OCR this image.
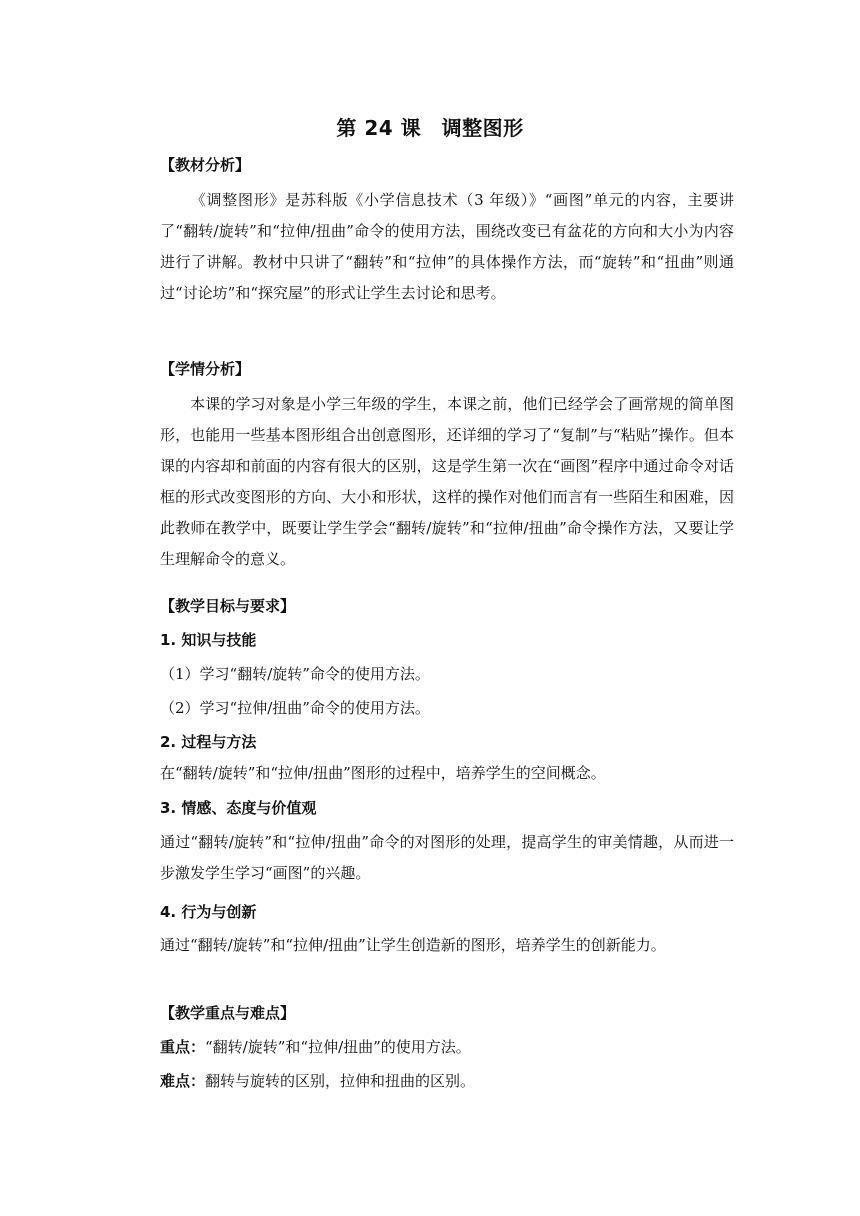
第 24 课　调整图形
【教材分析】

《调整图形》是苏科版《小学信息技术（3 年级）》“画图”单元的内容，主要讲了“翻转/旋转”和“拉伸/扭曲”命令的使用方法，围绕改变已有盆花的方向和大小为内容进行了讲解。教材中只讲了“翻转”和“拉伸”的具体操作方法，而“旋转”和“扭曲”则通过“讨论坊”和“探究屋”的形式让学生去讨论和思考。

【学情分析】

本课的学习对象是小学三年级的学生，本课之前，他们已经学会了画常规的简单图形，也能用一些基本图形组合出创意图形，还详细的学习了“复制”与“粘贴”操作。但本课的内容却和前面的内容有很大的区别，这是学生第一次在“画图”程序中通过命令对话框的形式改变图形的方向、大小和形状，这样的操作对他们而言有一些陌生和困难，因此教师在教学中，既要让学生学会“翻转/旋转”和“拉伸/扭曲”命令操作方法，又要让学生理解命令的意义。

【教学目标与要求】
1. 知识与技能

（1）学习“翻转/旋转”命令的使用方法。

（2）学习“拉伸/扭曲”命令的使用方法。

2. 过程与方法

在“翻转/旋转”和“拉伸/扭曲”图形的过程中，培养学生的空间概念。

3. 情感、态度与价值观

通过“翻转/旋转”和“拉伸/扭曲”命令的对图形的处理，提高学生的审美情趣，从而进一步激发学生学习“画图”的兴趣。

4. 行为与创新

通过“翻转/旋转”和“拉伸/扭曲”让学生创造新的图形，培养学生的创新能力。

【教学重点与难点】

重点：“翻转/旋转”和“拉伸/扭曲”的使用方法。

难点：翻转与旋转的区别，拉伸和扭曲的区别。
